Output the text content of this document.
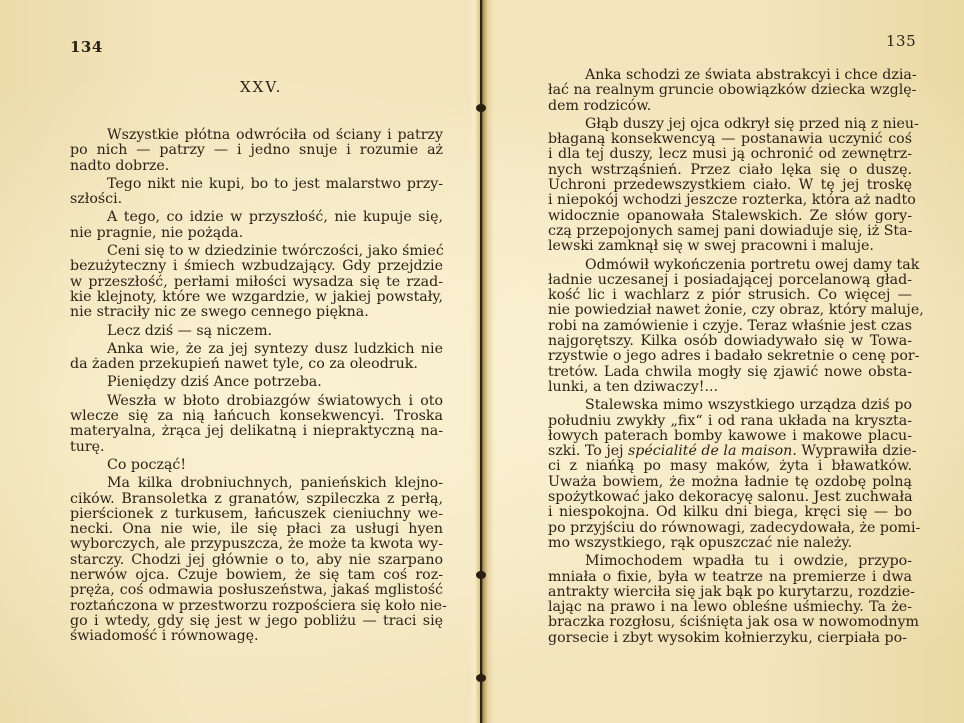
134
XXV.
Wszystkie płótna odwróciła od ściany i patrzy
po nich — patrzy — i jedno snuje i rozumie aż
nadto dobrze.
Tego nikt nie kupi, bo to jest malarstwo przy-
szłości.
A tego, co idzie w przyszłość, nie kupuje się,
nie pragnie, nie pożąda.
Ceni się to w dziedzinie twórczości, jako śmieć
bezużyteczny i śmiech wzbudzający. Gdy przejdzie
w przeszłość, perłami miłości wysadza się te rzad-
kie klejnoty, które we wzgardzie, w jakiej powstały,
nie straciły nic ze swego cennego piękna.
Lecz dziś — są niczem.
Anka wie, że za jej syntezy dusz ludzkich nie
da żaden przekupień nawet tyle, co za oleodruk.
Pieniędzy dziś Ance potrzeba.
Weszła w błoto drobiazgów światowych i oto
wlecze się za nią łańcuch konsekwencyi. Troska
materyalna, żrąca jej delikatną i niepraktyczną na-
turę.
Co począć!
Ma kilka drobniuchnych, panieńskich klejno-
cików. Bransoletka z granatów, szpileczka z perłą,
pierścionek z turkusem, łańcuszek cieniuchny we-
necki. Ona nie wie, ile się płaci za usługi hyen
wyborczych, ale przypuszcza, że może ta kwota wy-
starczy. Chodzi jej głównie o to, aby nie szarpano
nerwów ojca. Czuje bowiem, że się tam coś roz-
pręża, coś odmawia posłuszeństwa, jakaś mglistość
roztańczona w przestworzu rozpościera się koło nie-
go i wtedy, gdy się jest w jego pobliżu — traci się
świadomość i równowagę.
135
Anka schodzi ze świata abstrakcyi i chce dzia-
łać na realnym gruncie obowiązków dziecka wzglę-
dem rodziców.
Głąb duszy jej ojca odkrył się przed nią z nieu-
błaganą konsekwencyą — postanawia uczynić coś
i dla tej duszy, lecz musi ją ochronić od zewnętrz-
nych wstrząśnień. Przez ciało lęka się o duszę.
Uchroni przedewszystkiem ciało. W tę jej troskę
i niepokój wchodzi jeszcze rozterka, która aż nadto
widocznie opanowała Stalewskich. Ze słów gory-
czą przepojonych samej pani dowiaduje się, iż Sta-
lewski zamknął się w swej pracowni i maluje.
Odmówił wykończenia portretu owej damy tak
ładnie uczesanej i posiadającej porcelanową gład-
kość lic i wachlarz z piór strusich. Co więcej —
nie powiedział nawet żonie, czy obraz, który maluje,
robi na zamówienie i czyje. Teraz właśnie jest czas
najgorętszy. Kilka osób dowiadywało się w Towa-
rzystwie o jego adres i badało sekretnie o cenę por-
tretów. Lada chwila mogły się zjawić nowe obsta-
lunki, a ten dziwaczy!...
Stalewska mimo wszystkiego urządza dziś po
południu zwykły „fix“ i od rana układa na kryszta-
łowych paterach bomby kawowe i makowe placu-
szki. To jej spécialité de la maison. Wyprawiła dzie-
ci z niańką po masy maków, żyta i bławatków.
Uważa bowiem, że można ładnie tę ozdobę polną
spożytkować jako dekoracyę salonu. Jest zuchwała
i niespokojna. Od kilku dni biega, kręci się — bo
po przyjściu do równowagi, zadecydowała, że pomi-
mo wszystkiego, rąk opuszczać nie należy.
Mimochodem wpadła tu i owdzie, przypo-
mniała o fixie, była w teatrze na premierze i dwa
antrakty wierciła się jak bąk po kurytarzu, rozdzie-
lając na prawo i na lewo obleśne uśmiechy. Ta że-
braczka rozgłosu, ściśnięta jak osa w nowomodnym
gorsecie i zbyt wysokim kołnierzyku, cierpiała po-
